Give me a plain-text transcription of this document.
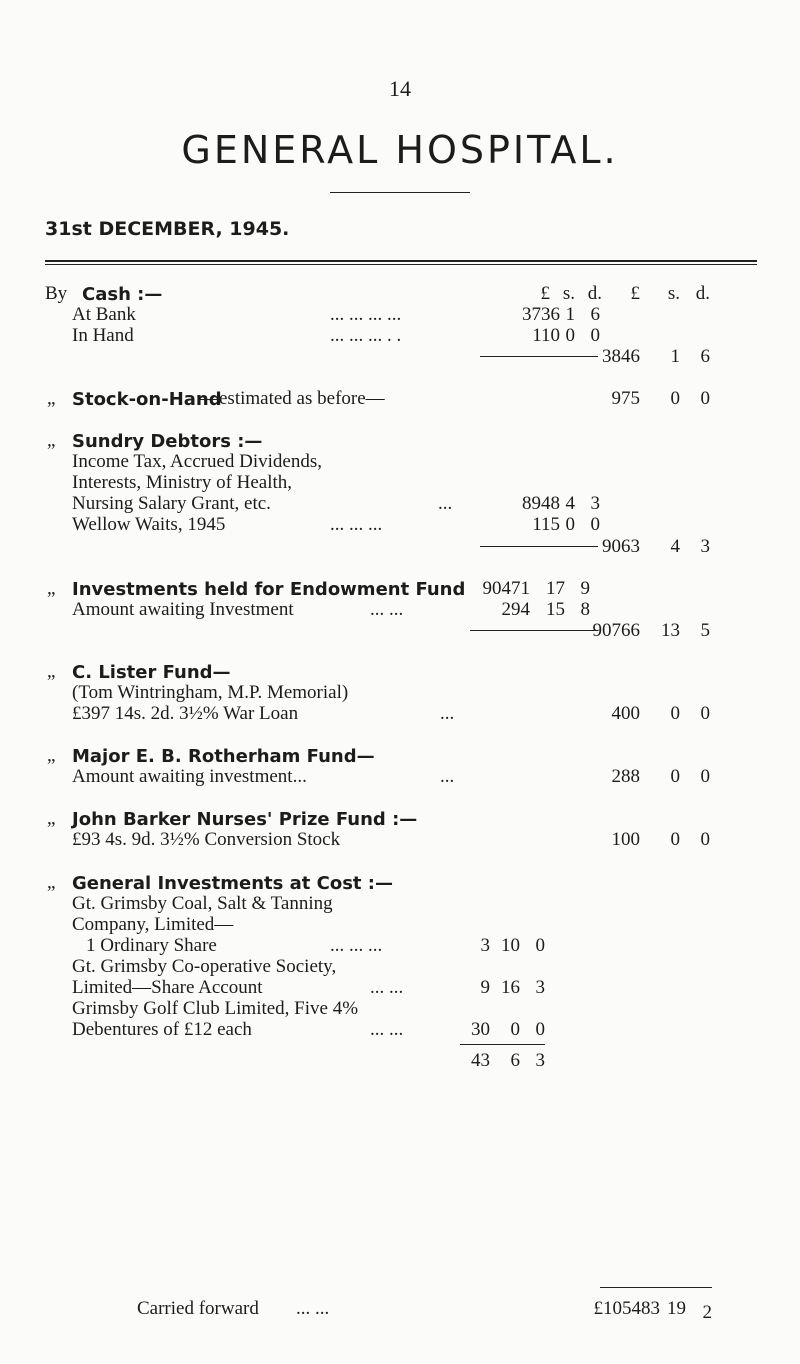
14
GENERAL HOSPITAL.
31st DECEMBER, 1945.
£ s. d.	£	s. d.
By Cash :—
At Bank	... ... ... ...	3736 1 6
In Hand	... ... ... . .	110 0 0
3846	1	6
„ Stock-on-Hand
—estimated as before—	975	0	0
„ Sundry Debtors :—
Income Tax, Accrued Dividends,
Interests, Ministry of Health,
Nursing Salary Grant, etc.	...	8948 4 3
Wellow Waits, 1945	... ... ...	115 0 0
9063	4	3
„ Investments held for Endowment Fund 90471 17 9
Amount awaiting Investment	... ...	294 15 8
90766	13	5
„ C. Lister Fund—
(Tom Wintringham, M.P. Memorial)
£397 14s. 2d. 3½% War Loan	...	400	0	0
„ Major E. B. Rotherham Fund—
Amount awaiting investment...	...	288	0	0
„ John Barker Nurses' Prize Fund :—
£93 4s. 9d. 3½% Conversion Stock	100	0	0
„ General Investments at Cost :—
Gt. Grimsby Coal, Salt & Tanning
Company, Limited—
1 Ordinary Share	... ... ...	3 10 0
Gt. Grimsby Co-operative Society,
Limited—Share Account	... ...	9 16 3
Grimsby Golf Club Limited, Five 4%
Debentures of £12 each	... ...	30	0 0
43	6 3
Carried forward ... ...	£105483 19 2
